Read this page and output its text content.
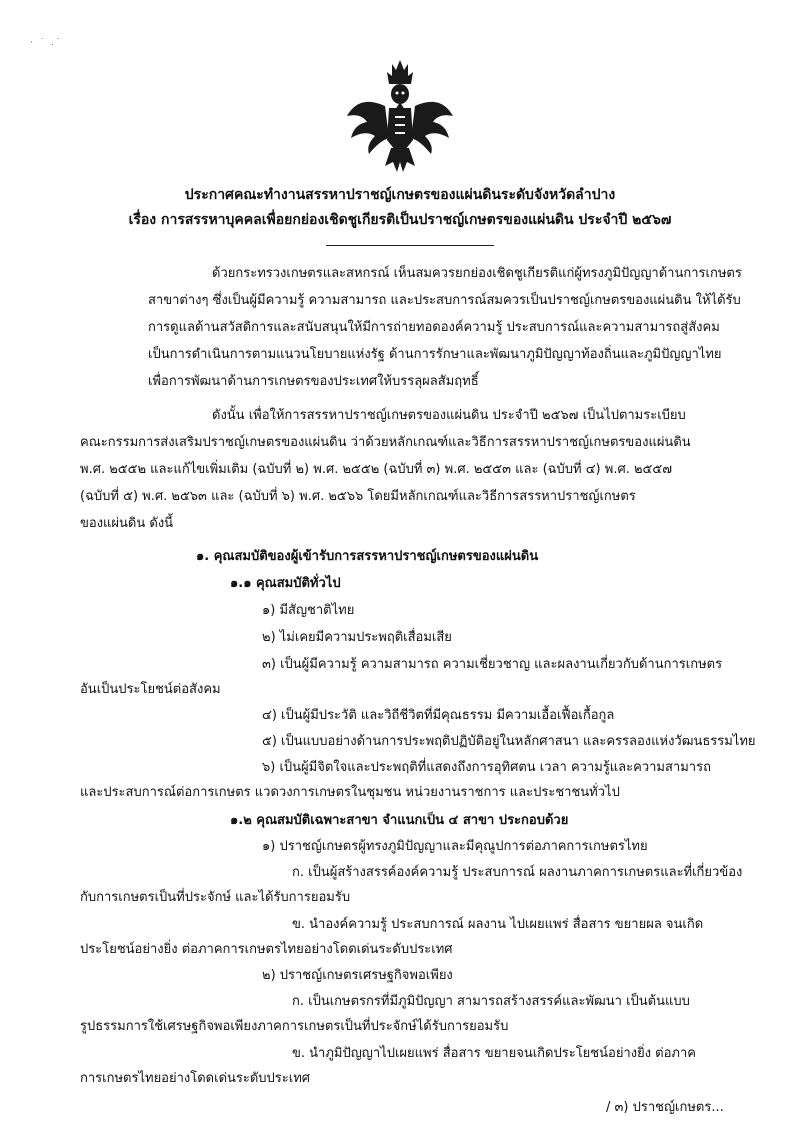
· ˙ .˙
ประกาศคณะทำงานสรรหาปราชญ์เกษตรของแผ่นดินระดับจังหวัดลำปาง
เรื่อง การสรรหาบุคคลเพื่อยกย่องเชิดชูเกียรติเป็นปราชญ์เกษตรของแผ่นดิน ประจำปี ๒๕๖๗
ด้วยกระทรวงเกษตรและสหกรณ์ เห็นสมควรยกย่องเชิดชูเกียรติแก่ผู้ทรงภูมิปัญญาด้านการเกษตร
สาขาต่างๆ ซึ่งเป็นผู้มีความรู้ ความสามารถ และประสบการณ์สมควรเป็นปราชญ์เกษตรของแผ่นดิน ให้ได้รับ
การดูแลด้านสวัสดิการและสนับสนุนให้มีการถ่ายทอดองค์ความรู้ ประสบการณ์และความสามารถสู่สังคม
เป็นการดำเนินการตามแนวนโยบายแห่งรัฐ ด้านการรักษาและพัฒนาภูมิปัญญาท้องถิ่นและภูมิปัญญาไทย
เพื่อการพัฒนาด้านการเกษตรของประเทศให้บรรลุผลสัมฤทธิ์
ดังนั้น เพื่อให้การสรรหาปราชญ์เกษตรของแผ่นดิน ประจำปี ๒๕๖๗ เป็นไปตามระเบียบ
คณะกรรมการส่งเสริมปราชญ์เกษตรของแผ่นดิน ว่าด้วยหลักเกณฑ์และวิธีการสรรหาปราชญ์เกษตรของแผ่นดิน
พ.ศ. ๒๕๕๒ และแก้ไขเพิ่มเติม (ฉบับที่ ๒) พ.ศ. ๒๕๕๒ (ฉบับที่ ๓) พ.ศ. ๒๕๕๓ และ (ฉบับที่ ๔) พ.ศ. ๒๕๕๗
(ฉบับที่ ๕) พ.ศ. ๒๕๖๓ และ (ฉบับที่ ๖) พ.ศ. ๒๕๖๖ โดยมีหลักเกณฑ์และวิธีการสรรหาปราชญ์เกษตร
ของแผ่นดิน ดังนี้
๑. คุณสมบัติของผู้เข้ารับการสรรหาปราชญ์เกษตรของแผ่นดิน
๑.๑ คุณสมบัติทั่วไป
๑) มีสัญชาติไทย
๒) ไม่เคยมีความประพฤติเสื่อมเสีย
๓) เป็นผู้มีความรู้ ความสามารถ ความเชี่ยวชาญ และผลงานเกี่ยวกับด้านการเกษตร
อันเป็นประโยชน์ต่อสังคม
๔) เป็นผู้มีประวัติ และวิถีชีวิตที่มีคุณธรรม มีความเอื้อเฟื้อเกื้อกูล
๕) เป็นแบบอย่างด้านการประพฤติปฏิบัติอยู่ในหลักศาสนา และครรลองแห่งวัฒนธรรมไทย
๖) เป็นผู้มีจิตใจและประพฤติที่แสดงถึงการอุทิศตน เวลา ความรู้และความสามารถ
และประสบการณ์ต่อการเกษตร แวดวงการเกษตรในชุมชน หน่วยงานราชการ และประชาชนทั่วไป
๑.๒ คุณสมบัติเฉพาะสาขา จำแนกเป็น ๔ สาขา ประกอบด้วย
๑) ปราชญ์เกษตรผู้ทรงภูมิปัญญาและมีคุณูปการต่อภาคการเกษตรไทย
ก. เป็นผู้สร้างสรรค์องค์ความรู้ ประสบการณ์ ผลงานภาคการเกษตรและที่เกี่ยวข้อง
กับการเกษตรเป็นที่ประจักษ์ และได้รับการยอมรับ
ข. นำองค์ความรู้ ประสบการณ์ ผลงาน ไปเผยแพร่ สื่อสาร ขยายผล จนเกิด
ประโยชน์อย่างยิ่ง ต่อภาคการเกษตรไทยอย่างโดดเด่นระดับประเทศ
๒) ปราชญ์เกษตรเศรษฐกิจพอเพียง
ก. เป็นเกษตรกรที่มีภูมิปัญญา สามารถสร้างสรรค์และพัฒนา เป็นต้นแบบ
รูปธรรมการใช้เศรษฐกิจพอเพียงภาคการเกษตรเป็นที่ประจักษ์ได้รับการยอมรับ
ข. นำภูมิปัญญาไปเผยแพร่ สื่อสาร ขยายจนเกิดประโยชน์อย่างยิ่ง ต่อภาค
การเกษตรไทยอย่างโดดเด่นระดับประเทศ
/ ๓) ปราชญ์เกษตร...
